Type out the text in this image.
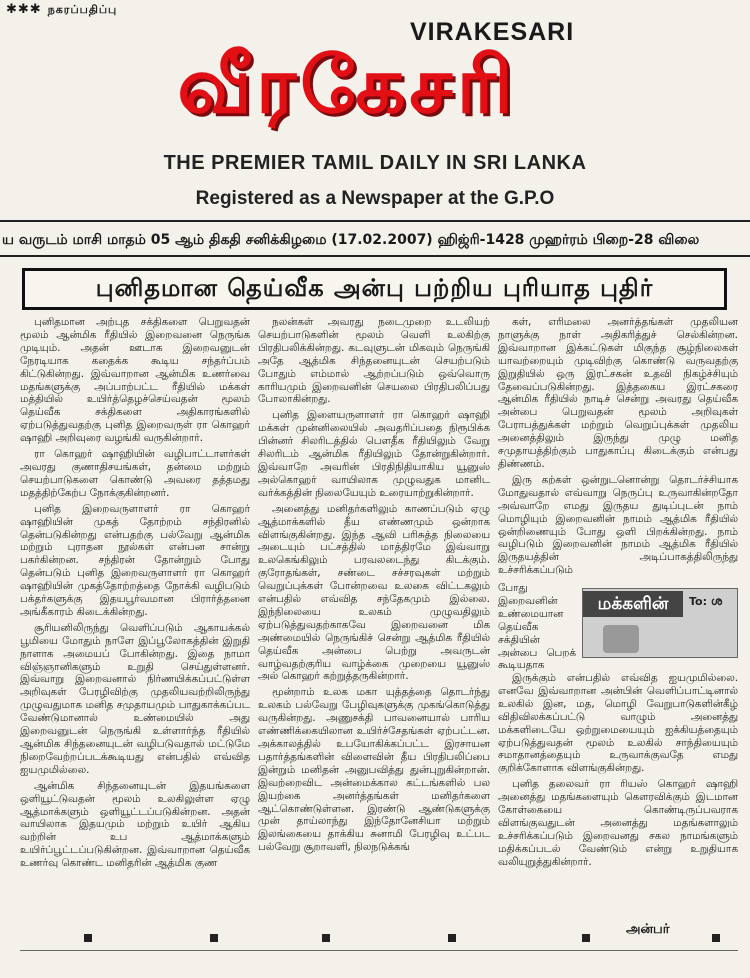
✱✱✱ நகரப்பதிப்பு
VIRAKESARI
வீரகேசரி
THE PREMIER TAMIL DAILY IN SRI LANKA
Registered as a Newspaper at the G.P.O
ய வருடம் மாசி மாதம் 05 ஆம் திகதி சனிக்கிழமை (17.02.2007) ஹிஜ்ரி-1428 முஹர்ரம் பிறை-28 விலை
புனிதமான தெய்வீக அன்பு பற்றிய புரியாத புதிர்

புனிதமான அற்புத சக்திகளை பெறுவதன் மூலம் ஆன்மிக ரீதியில் இறைவனை நெருங்க முடியும். அதன் ஊடாக இறைவனுடன் நேரடியாக கதைக்க கூடிய சந்தர்ப்பம் கிட்டுகின்றது. இவ்வாறான ஆன்மிக உணர்வை மதங்களுக்கு அப்பாற்பட்ட ரீதியில் மக்கள் மத்தியில் உயிர்த்தெழச்செய்வதன் மூலம் தெய்வீக சக்திகளை அதிகாரங்களில் ஏற்படுத்துவதற்கு புனித இறைவருள் ரா கொஹர் ஷாஹி அறிவுரை வழங்கி வருகின்றார்.

ரா கொஹர் ஷாஹியின் வழிபாட்டாளர்கள் அவரது குணாதிசயங்கள், தன்மை மற்றும் செயற்பாடுகளை கொண்டு அவரை தத்தமது மதத்திற்கேற்ப நோக்குகின்றனர்.

புனித இறைவருளாளர் ரா கொஹர் ஷாஹியின் முகத் தோற்றம் சந்திரனில் தென்படுகின்றது என்பதற்கு பல்வேறு ஆன்மிக மற்றும் புராதன நூல்கள் என்பன சான்று பகர்கின்றன. சந்திரன் தோன்றும் போது தென்படும் புனித இறைவருளாளர் ரா கொஹர் ஷாஹியின் முகத்தோற்றத்தை நோக்கி வழிபடும் பக்தர்களுக்கு இதயபூர்வமான பிரார்த்தனை அங்கீகாரம் கிடைக்கின்றது.

சூரியனிலிருந்து வெளிப்படும் ஆகாயக்கல் பூமியை மோதும் நாளே இப்பூலோகத்தின் இறுதி நாளாக அமையப் போகின்றது. இதை நாமா விஞ்ஞானிகளும் உறுதி செய்துள்ளனர். இவ்வாறு இறைவனால் நிர்ணயிக்கப்பட்டுள்ள அறிவுகள் பேரழிவிற்கு முதலியவற்றிலிருந்து முழுவதுமாக மனித சமுதாயமும் பாதுகாக்கப்பட வேண்டுமானால் உண்மையில் அது இறைவனுடன் நெருங்கி உள்ளார்ந்த ரீதியில் ஆன்மிக சிந்தனையுடன் வழிபடுவதால் மட்டுமே நிறைவேற்றப்படக்கூடியது என்பதில் எவ்வித ஐயமுமில்லை.

ஆன்மிக சிந்தனையுடன் இதயங்களை ஒளியூட்டுவதன் மூலம் உலகிலுள்ள ஏழு ஆத்மாக்களும் ஒளியூட்டப்படுகின்றன. அதன் வாயிலாக இதயமும் மற்றும் உயிர் ஆகிய வற்றின் உப ஆத்மாக்களும் உயிர்ப்பூட்டப்படுகின்றன. இவ்வாறான தெய்வீக உணர்வு கொண்ட மனிதரின் ஆத்மிக குண

நலன்கள் அவரது நடைமுறை உடலியற் செயற்பாடுகளின் மூலம் வெளி உலகிற்கு பிரதிபலிக்கின்றது. கடவுளுடன் மிகவும் நெருங்கி அதே ஆத்மிக சிந்தனையுடன் செயற்படும் போதும் எம்மால் ஆற்றப்படும் ஒவ்வொரு காரியமும் இறைவனின் செயலை பிரதிபலிப்பது போலாகின்றது.

புனித இளையருளாளர் ரா கொஹர் ஷாஹி மக்கள் முன்னிலையில் அவதரிப்பதை நிரூபிக்க பின்னர் சிலரிடத்தில் பௌதீக ரீதியிலும் வேறு சிலரிடம் ஆன்மிக ரீதியிலும் தோன்றுகின்றார். இவ்வாறே அவரின் பிரதிநிதியாகிய யூனுஸ் அல்கொஹர் வாயிலாக முழுவதுக மானிட வர்க்கத்தின் நிலையேயும் உரையாற்றுகின்றார்.

அனைத்து மனிதர்களிலும் காணப்படும் ஏழு ஆத்மாக்களில் தீய எண்ணமும் ஒன்றாக விளங்குகின்றது. இந்த ஆவி பரிசுத்த நிலையை அடையும் பட்சத்தில் மாத்திரமே இவ்வாறு உலகெங்கிலும் பரவலடைந்து கிடக்கும். குரோதங்கள், சண்டை சச்சரவுகள் மற்றும் வெறுப்புக்கள் போன்றவை உலகை விட்டகலும் என்பதில் எவ்வித சந்தேகமும் இல்லை. இந்நிலையை உலகம் முழுவதிலும் ஏற்படுத்துவதற்காகவே இறைவனை மிக அண்மையில் நெருங்கிச் சென்று ஆத்மிக ரீதியில் தெய்வீக அன்பை பெற்று அவருடன் வாழ்வதற்குரிய வாழ்க்கை முறையை யூனுஸ் அல் கொஹர் கற்றுத்தருகின்றார்.

மூன்றாம் உலக மகா யுத்தத்தை தொடர்ந்து உலகம் பல்வேறு பேழிவுகளுக்கு முகங்கொடுத்து வருகின்றது. அணுசக்தி பாவனையால் பாரிய எண்ணிக்கையிலான உயிர்ச்சேதங்கள் ஏற்பட்டன. அக்காலத்தில் உபயோகிக்கப்பட்ட இரசாயன பதார்த்தங்களின் விளைவின் தீய பிரதிபலிப்பை இன்றும் மனிதன் அனுபவித்து துன்புறுகின்றான். இவற்றைவிட அன்மைக்கால கட்டங்களில் பல இயற்கை அனர்த்தங்கள் மனிதர்களை ஆட்கொண்டுள்ளன. இரண்டு ஆண்டுகளுக்கு முன் தாய்லாந்து இந்தோனேசியா மற்றும் இலங்கையை தாக்கிய சுனாமி பேரழிவு உட்பட பல்வேறு சூறாவளி, நிலநடுக்கங்

கள், எரிமலை அனர்த்தங்கள் முதலியன நாளுக்கு நாள் அதிகரித்துச் செல்கின்றன. இவ்வாறான இக்கட்டுகள் மிகுந்த சூழ்நிலைகள் யாவற்றையும் முடிவிற்கு கொண்டு வருவதற்கு இறுதியில் ஒரு இரட்சகன் உதவி நிகழ்ச்சியும் தேவைப்படுகின்றது. இத்தகைய இரட்சகரை ஆன்மிக ரீதியில் நாடிச் சென்று அவரது தெய்வீக அன்பை பெறுவதன் மூலம் அறிவுகள் பேராபத்துக்கள் மற்றும் வெறுப்புக்கள் முதலிய அனைத்திலும் இருந்து முழு மனித சமுதாயத்திற்கும் பாதுகாப்பு கிடைக்கும் என்பது திண்ணம்.

இரு கற்கள் ஒன்றுடனொன்று தொடர்ச்சியாக மோதுவதால் எவ்வாறு நெருப்பு உருவாகின்றதோ அவ்வாறே எமது இருதய துடிப்புடன் நாம் மொழியும் இறைவனின் நாமம் ஆத்மிக ரீதியில் ஒன்றிணையும் போது ஒளி பிறக்கின்றது. நாம் வழிபடும் இறைவனின் நாமம் ஆத்மிக ரீதியில் இருதயத்தின் அடிப்பாகத்திலிருந்து உச்சரிக்கப்படும்

போது இறைவனின் உண்மையான தெய்வீக சக்தியின் அன்பை பெறக் கூடியதாக

மக்களின்	To: ശ

இருக்கும் என்பதில் எவ்வித ஐயமுமில்லை. எனவே இவ்வாறான அன்பின் வெளிப்பாட்டினால் உலகில் இன, மத, மொழி வேறுபாடுகளின்கீழ் விதிவிலக்கப்பட்டு வாழும் அனைத்து மக்களிடையே ஒற்றுமையையும் ஐக்கியத்தையும் ஏற்படுத்துவதன் மூலம் உலகில் சாந்தியையும் சமாதானத்தையும் உருவாக்குவதே எமது குறிக்கோளாக விளங்குகின்றது.

புனித தலைவர் ரா ரியஸ் கொஹர் ஷாஹி அனைத்து மதங்களையும் கௌரவிக்கும் இடமான கோள்கையை கொண்டிருப்பவராக விளங்குவதுடன் அனைத்து மதங்களாலும் உச்சரிக்கப்படும் இறைவனது சகல நாமங்களும் மதிக்கப்படல் வேண்டும் என்று உறுதியாக வலியுறுத்துகின்றார்.

அன்பர்
